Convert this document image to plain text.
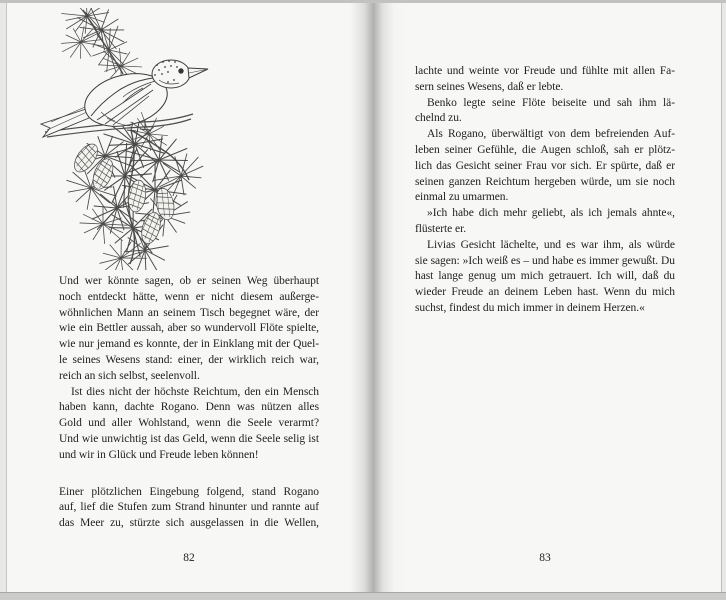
Und wer könnte sagen, ob er seinen Weg überhaupt
noch entdeckt hätte, wenn er nicht diesem außerge-
wöhnlichen Mann an seinem Tisch begegnet wäre, der
wie ein Bettler aussah, aber so wundervoll Flöte spielte,
wie nur jemand es konnte, der in Einklang mit der Quel-
le seines Wesens stand: einer, der wirklich reich war,
reich an sich selbst, seelenvoll.
Ist dies nicht der höchste Reichtum, den ein Mensch
haben kann, dachte Rogano. Denn was nützen alles
Gold und aller Wohlstand, wenn die Seele verarmt?
Und wie unwichtig ist das Geld, wenn die Seele selig ist
und wir in Glück und Freude leben können!
Einer plötzlichen Eingebung folgend, stand Rogano
auf, lief die Stufen zum Strand hinunter und rannte auf
das Meer zu, stürzte sich ausgelassen in die Wellen,
82
lachte und weinte vor Freude und fühlte mit allen Fa-
sern seines Wesens, daß er lebte.
Benko legte seine Flöte beiseite und sah ihm lä-
chelnd zu.
Als Rogano, überwältigt von dem befreienden Auf-
leben seiner Gefühle, die Augen schloß, sah er plötz-
lich das Gesicht seiner Frau vor sich. Er spürte, daß er
seinen ganzen Reichtum hergeben würde, um sie noch
einmal zu umarmen.
»Ich habe dich mehr geliebt, als ich jemals ahnte«,
flüsterte er.
Livias Gesicht lächelte, und es war ihm, als würde
sie sagen: »Ich weiß es – und habe es immer gewußt. Du
hast lange genug um mich getrauert. Ich will, daß du
wieder Freude an deinem Leben hast. Wenn du mich
suchst, findest du mich immer in deinem Herzen.«
83
